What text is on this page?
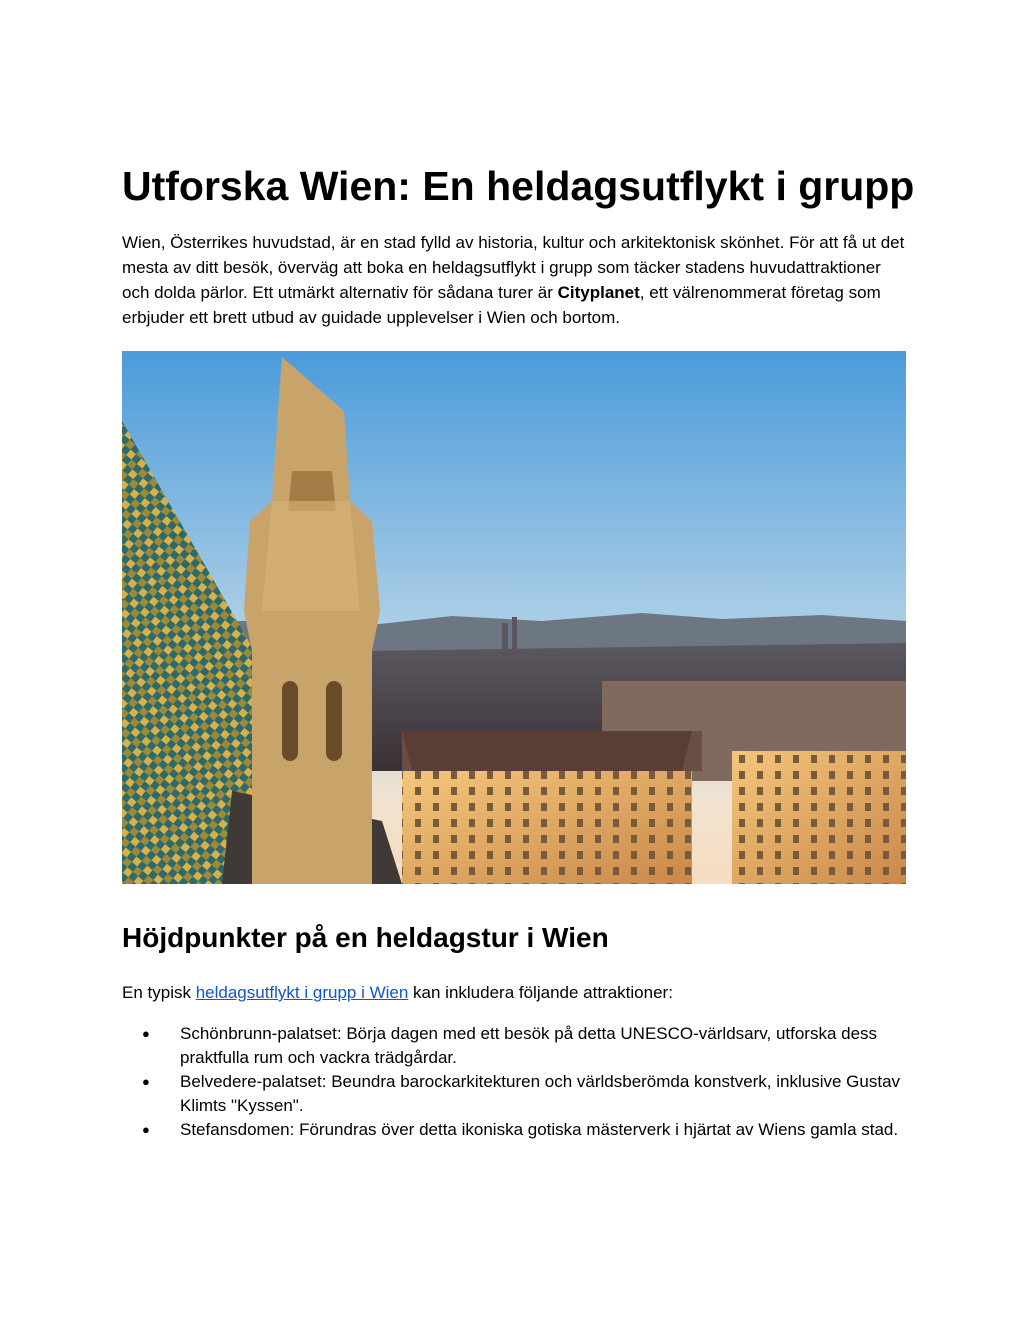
Utforska Wien: En heldagsutflykt i grupp

Wien, Österrikes huvudstad, är en stad fylld av historia, kultur och arkitektonisk skönhet. För att få ut det mesta av ditt besök, överväg att boka en heldagsutflykt i grupp som täcker stadens huvudattraktioner och dolda pärlor. Ett utmärkt alternativ för sådana turer är Cityplanet, ett välrenommerat företag som erbjuder ett brett utbud av guidade upplevelser i Wien och bortom.

Höjdpunkter på en heldagstur i Wien

En typisk heldagsutflykt i grupp i Wien kan inkludera följande attraktioner:

● Schönbrunn-palatset: Börja dagen med ett besök på detta UNESCO-världsarv, utforska dess praktfulla rum och vackra trädgårdar.
● Belvedere-palatset: Beundra barockarkitekturen och världsberömda konstverk, inklusive Gustav Klimts "Kyssen".
● Stefansdomen: Förundras över detta ikoniska gotiska mästerverk i hjärtat av Wiens gamla stad.
